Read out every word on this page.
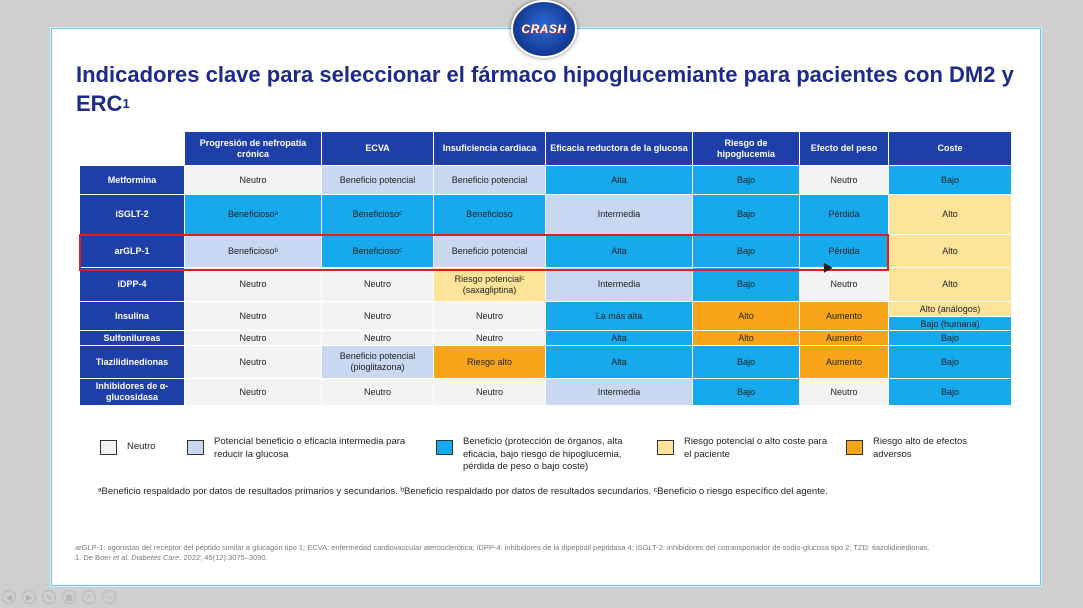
CRASH
Indicadores clave para seleccionar el fármaco hipoglucemiante para pacientes con DM2 y ERC$^1$
	Progresión de nefropatía crónica	ECVA	Insuficiencia cardiaca	Eficacia reductora de la glucosa	Riesgo de hipoglucemia	Efecto del peso	Coste
Metformina	Neutro	Beneficio potencial	Beneficio potencial	Alta	Bajo	Neutro	Bajo
iSGLT-2	Beneficiosoᵃ	Beneficiosoᶜ	Beneficioso	Intermedia	Bajo	Pérdida	Alto
arGLP-1	Beneficiosoᵇ	Beneficiosoᶜ	Beneficio potencial	Alta	Bajo	Pérdida	Alto
iDPP-4	Neutro	Neutro	Riesgo potencialᶜ (saxagliptina)	Intermedia	Bajo	Neutro	Alto
Insulina	Neutro	Neutro	Neutro	La más alta	Alto	Aumento	Alto (análogos)
Bajo (humana)

Sulfonilureas	Neutro	Neutro	Neutro	Alta	Alto	Aumento	Bajo
Tiazilidinedionas	Neutro	Beneficio potencial (pioglitazona)	Riesgo alto	Alta	Bajo	Aumento	Bajo
Inhibidores de α-glucosidasa	Neutro	Neutro	Neutro	Intermedia	Bajo	Neutro	Bajo
Neutro	Potencial beneficio o eficacia intermedia para reducir la glucosa
Beneficio (protección de órganos, alta eficacia, bajo riesgo de hipoglucemia, pérdida de peso o bajo coste)
Riesgo potencial o alto coste para el paciente
Riesgo alto de efectos adversos
ᵃBeneficio respaldado por datos de resultados primarios y secundarios. ᵇBeneficio respaldado por datos de resultados secundarios. ᶜBeneficio o riesgo específico del agente.
arGLP-1: agonistas del receptor del péptido similar a glucagón tipo 1; ECVA: enfermedad cardiovascular aterosclerótica; iDPP-4: inhibidores de la dipeptidil peptidasa 4; iSGLT-2: inhibidores del cotransportador de sodio-glucosa tipo 2; TZD: tiazolidinedionas.
1. De Boer et al. Diabetes Care. 2022; 45(12):3075–3090.
◀	▶	✎	▦	⌕	⋯
